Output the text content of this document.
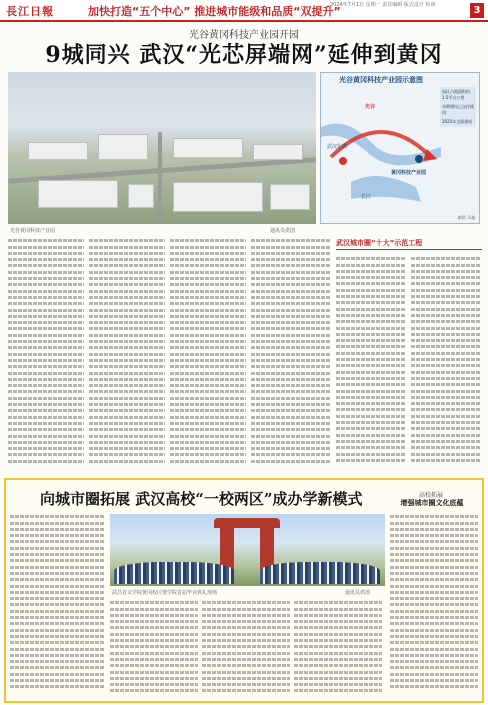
長江日報	加快打造“五个中心” 推进城市能级和品质“双提升”
2024年7月1日 星期一 责任编辑 版式设计 检读	3
光谷黄冈科技产业园开园
9城同兴 武汉“光芯屏端网”延伸到黄冈
光谷黄冈科技产业园	通讯员供图
光谷黄冈科技产业园示意图
武汉东湖
光谷
黄冈科技产业园
长江
园区占地面积约1.5平方公里
首期建设已交付使用
2025年全面建成
制图 马驰
武汉城市圈“十大”示范工程
向城市圈拓展 武汉高校“一校两区”成办学新模式	高校拓展
增强城市圈文化底蕴
武昌首义学院黄冈校区暨学院首届毕业典礼现场	通讯员供图
